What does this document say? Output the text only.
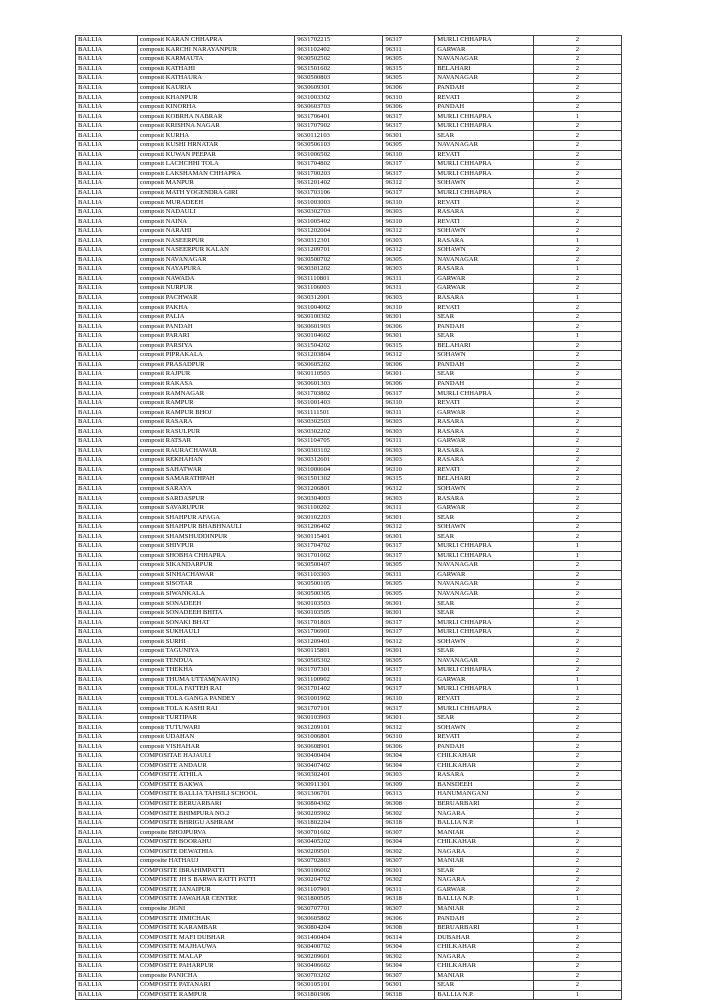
BALLIA	composit KARAN CHHAPRA	9631702215	96317	MURLI CHHAPRA	2
BALLIA	composit KARCHI NARAYANPUR	9631102402	96311	GARWAR	2
BALLIA	composit KARMAUTA	9630502502	96305	NAVANAGAR	2
BALLIA	composit KATHAHI	9631501602	96315	BELAHARI	2
BALLIA	composit KATHAURA	9630500803	96305	NAVANAGAR	2
BALLIA	composit KAURIA	9630609301	96306	PANDAH	2
BALLIA	composit KHANPUR	9631003302	96310	REVATI	2
BALLIA	composit KINORHA	9630603703	96306	PANDAH	2
BALLIA	composit KOBRHA NABRAR	9631706401	96317	MURLI CHHAPRA	1
BALLIA	composit KRISHNA NAGAR	9631707902	96317	MURLI CHHAPRA	2
BALLIA	composit KURHA	9630112103	96301	SEAR	2
BALLIA	composit KUSHI HRNATAR	9630506103	96305	NAVANAGAR	2
BALLIA	composit KUWAN PEEPAR	9631006502	96310	REVATI	2
BALLIA	composit LACHCHHI TOLA	9631704802	96317	MURLI CHHAPRA	2
BALLIA	composit LAKSHAMAN CHHAPRA	9631700203	96317	MURLI CHHAPRA	2
BALLIA	composit MANPUR	9631201402	96312	SOHAWN	2
BALLIA	composit MATH YOGENDRA GIRI	9631703106	96317	MURLI CHHAPRA	2
BALLIA	composit MURADEEH	9631003003	96310	REVATI	2
BALLIA	composit NADAULI	9630302703	96303	RASARA	2
BALLIA	composit NAINA	9631005402	96310	REVATI	2
BALLIA	composit NARAHI	9631202004	96312	SOHAWN	2
BALLIA	composit NASEERPUR	9630312301	96303	RASARA	1
BALLIA	composit NASEERPUR KALAN	9631209701	96312	SOHAWN	2
BALLIA	composit NAVANAGAR	9630500702	96305	NAVANAGAR	2
BALLIA	composit NAYAPURA	9630301202	96303	RASARA	1
BALLIA	composit NAWADA	9631110801	96311	GARWAR	2
BALLIA	composit NURPUR	9631106003	96311	GARWAR	2
BALLIA	composit PACHWAR	9630312001	96303	RASARA	1
BALLIA	composit PAKHA	9631004002	96310	REVATI	2
BALLIA	composit PALIA	9630100302	96301	SEAR	2
BALLIA	composit PANDAH	9630601903	96306	PANDAH	2
BALLIA	composit PARARI	9630104602	96301	SEAR	1
BALLIA	composit PARSIYA	9631504202	96315	BELAHARI	2
BALLIA	composit PIPRAKALA	9631203804	96312	SOHAWN	2
BALLIA	composit PRASADPUR	9630605202	96306	PANDAH	2
BALLIA	composit RAJPUR	9630110503	96301	SEAR	2
BALLIA	composit RAKASA	9630601303	96306	PANDAH	2
BALLIA	composit RAMNAGAR	9631703802	96317	MURLI CHHAPRA	2
BALLIA	composit RAMPUR	9631001403	96310	REVATI	2
BALLIA	composit RAMPUR BHOJ	9631111501	96311	GARWAR	2
BALLIA	composit RASARA	9630302503	96303	RASARA	2
BALLIA	composit RASULPUR	9630302202	96303	RASARA	2
BALLIA	composit RATSAR	9631104705	96311	GARWAR	2
BALLIA	composit RAURACHAWAR	9630303102	96303	RASARA	2
BALLIA	composit REKHAHAN	9630312601	96303	RASARA	2
BALLIA	composit SAHATWAR	9631000604	96310	REVATI	2
BALLIA	composit SAMARATHPAH	9631501302	96315	BELAHARI	2
BALLIA	composit SARAYA	9631206801	96312	SOHAWN	2
BALLIA	composit SARDASPUR	9630304003	96303	RASARA	2
BALLIA	composit SAVARUPUR	9631100202	96311	GARWAR	2
BALLIA	composit SHAHPUR AFAGA	9630102203	96301	SEAR	2
BALLIA	composit SHAHPUR BHABHNAULI	9631206402	96312	SOHAWN	2
BALLIA	composit SHAMSHUDDINPUR	9630115401	96301	SEAR	2
BALLIA	composit SHIVPUR	9631704702	96317	MURLI CHHAPRA	1
BALLIA	composit SHOBHA CHHAPRA	9631701002	96317	MURLI CHHAPRA	1
BALLIA	composit SIKANDARPUR	9630500407	96305	NAVANAGAR	2
BALLIA	composit SINHACHAWAR	9631103303	96311	GARWAR	2
BALLIA	composit SISOTAR	9630500105	96305	NAVANAGAR	2
BALLIA	composit SIWANKALA	9630500305	96305	NAVANAGAR	2
BALLIA	composit SONADEEH	9630103503	96301	SEAR	2
BALLIA	composit SONADEEH BHITA	9630103505	96301	SEAR	2
BALLIA	composit SONAKI BHAT	9631701803	96317	MURLI CHHAPRA	2
BALLIA	composit SUKHAULI	9631706901	96317	MURLI CHHAPRA	2
BALLIA	composit SURHI	9631209401	96312	SOHAWN	2
BALLIA	composit TAGUNIYA	9630115801	96301	SEAR	2
BALLIA	composit TENDUA	9630505302	96305	NAVANAGAR	2
BALLIA	composit THEKHA	9631707301	96317	MURLI CHHAPRA	2
BALLIA	composit THUMA UTTAM(NAVIN)	9631100902	96311	GARWAR	1
BALLIA	composit TOLA FATTEH RAI	9631701402	96317	MURLI CHHAPRA	1
BALLIA	composit TOLA GANGA PANDEY	9631001902	96310	REVATI	2
BALLIA	composit TOLA KASHI RAI	9631707101	96317	MURLI CHHAPRA	2
BALLIA	composit TURTIPAR	9630103903	96301	SEAR	2
BALLIA	composit TUTUWARI	9631209101	96312	SOHAWN	2
BALLIA	composit UDAHAN	9631006801	96310	REVATI	2
BALLIA	composit VISHAHAR	9630608901	96306	PANDAH	2
BALLIA	COMPOSITAE HAJAULI	9630400404	96304	CHILKAHAR	2
BALLIA	COMPOSITE ANDAUR	9630407402	96304	CHILKAHAR	2
BALLIA	COMPOSITE ATHILA	9630302401	96303	RASARA	2
BALLIA	COMPOSITE BAKWA	9630911301	96309	BANSDEEH	2
BALLIA	COMPOSITE BALLIA TAHSILI SCHOOL	9631306701	96313	HANUMANGANJ	2
BALLIA	COMPOSITE BERUARBARI	9630804302	96308	BERUARBARI	2
BALLIA	COMPOSITE BHIMPURA NO.2	9630205902	96302	NAGARA	2
BALLIA	COMPOSITE BHRIGU ASHRAM	9631802204	96318	BALLIA N.P.	1
BALLIA	composite BHOJPURVA	9630701602	96307	MANIAR	2
BALLIA	COMPOSITE BOORAHU	9630405202	96304	CHILKAHAR	2
BALLIA	COMPOSITE DEWATHIA	9630209501	96302	NAGARA	2
BALLIA	composite HATHAUJ	9630702803	96307	MANIAR	2
BALLIA	COMPOSITE IBRAHIMPATTI	9630106002	96301	SEAR	2
BALLIA	COMPOSITE JH S BARWA RATTI PATTI	9630204702	96302	NAGARA	2
BALLIA	COMPOSITE JANAIPUR	9631107901	96311	GARWAR	2
BALLIA	COMPOSITE JAWAHAR CENTRE	9631800505	96318	BALLIA N.P.	1
BALLIA	composite JIGNI	9630707701	96307	MANIAR	2
BALLIA	COMPOSITE JIMICHAK	9630605802	96306	PANDAH	2
BALLIA	COMPOSITE KARAMBAR	9630804204	96308	BERUARBARI	1
BALLIA	COMPOSITE MAFI DUBHAR	9631400404	96314	DUBAHAR	2
BALLIA	COMPOSITE MAJHAUWA	9630400702	96304	CHILKAHAR	2
BALLIA	COMPOSITE MALAP	9630209601	96302	NAGARA	2
BALLIA	COMPOSITE PAHARPUR	9630406602	96304	CHILKAHAR	2
BALLIA	composite PANICHA	9630703202	96307	MANIAR	2
BALLIA	COMPOSITE PATANARI	9630105101	96301	SEAR	2
BALLIA	COMPOSITE RAMPUR	9631801906	96318	BALLIA N.P.	1
